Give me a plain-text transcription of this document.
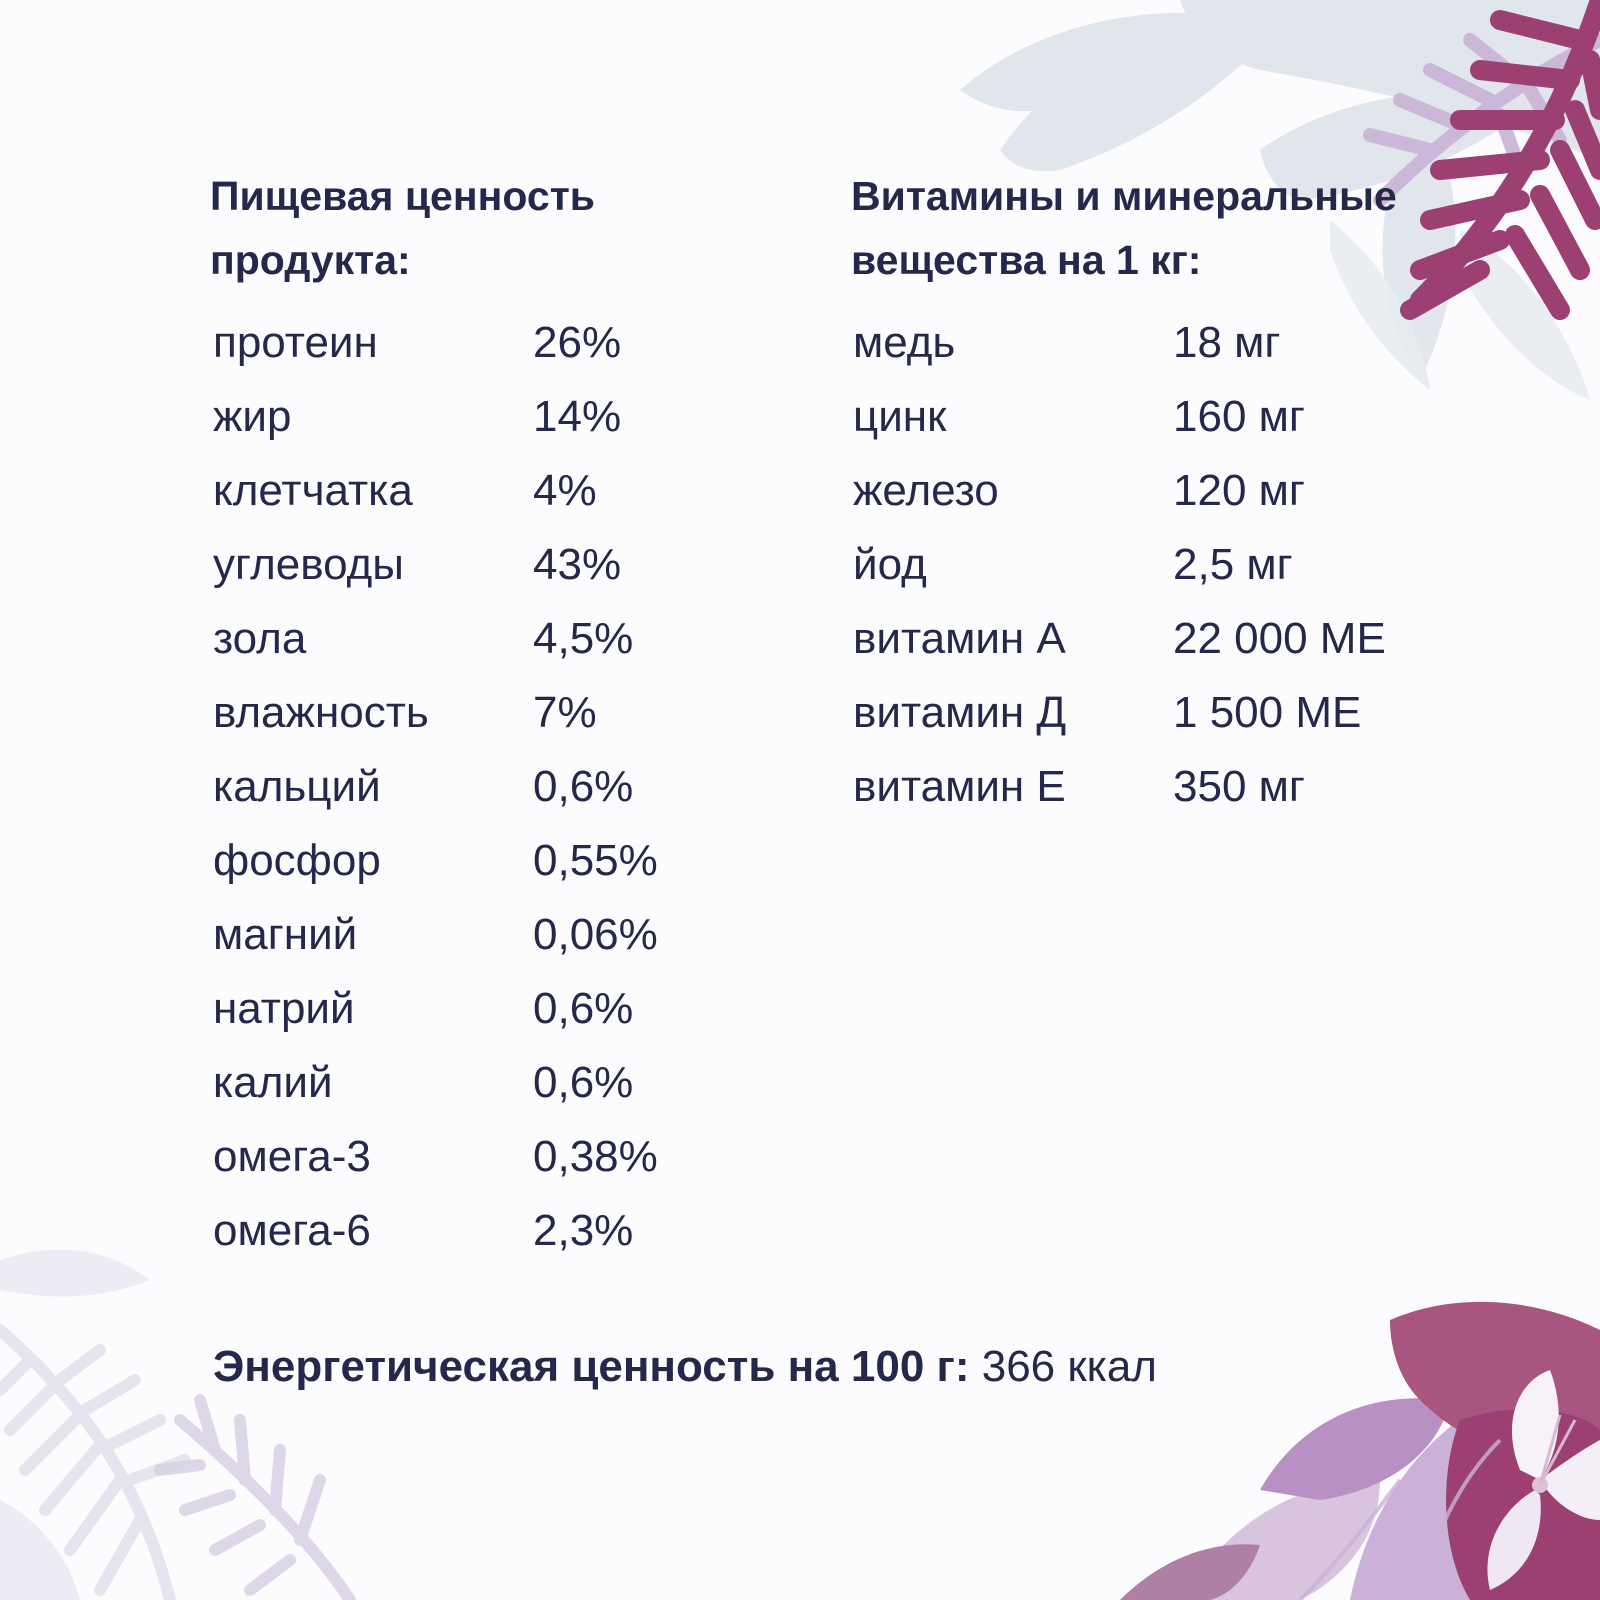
Пищевая ценность
продукта:
Витамины и минеральные
вещества на 1 кг:
протеин	26%
жир	14%
клетчатка	4%
углеводы	43%
зола	4,5%
влажность	7%
кальций	0,6%
фосфор	0,55%
магний	0,06%
натрий	0,6%
калий	0,6%
омега-3	0,38%
омега-6	2,3%
медь	18 мг
цинк	160 мг
железо	120 мг
йод	2,5 мг
витамин А	22 000 МЕ
витамин Д	1 500 МЕ
витамин Е	350 мг
Энергетическая ценность на 100 г: 366 ккал
